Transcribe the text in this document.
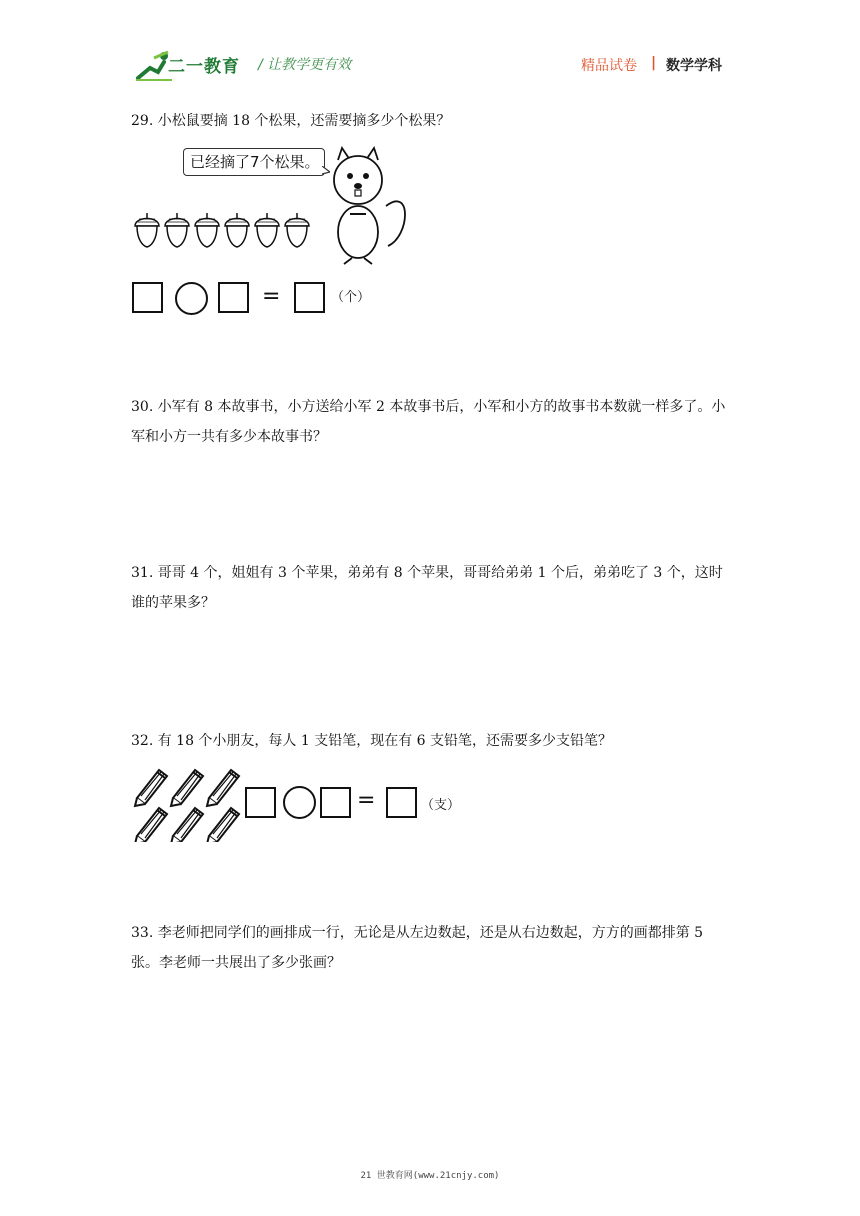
二一教育 / 让教学更有效	精品试卷 | 数学学科
29. 小松鼠要摘 18 个松果，还需要摘多少个松果？
已经摘了7个松果。
=	（个）
30. 小军有 8 本故事书，小方送给小军 2 本故事书后，小军和小方的故事书本数就一样多了。小军和小方一共有多少本故事书？
31. 哥哥 4 个，姐姐有 3 个苹果，弟弟有 8 个苹果，哥哥给弟弟 1 个后，弟弟吃了 3 个，这时谁的苹果多？
32. 有 18 个小朋友，每人 1 支铅笔，现在有 6 支铅笔，还需要多少支铅笔？
=	（支）
33. 李老师把同学们的画排成一行，无论是从左边数起，还是从右边数起，方方的画都排第 5 张。李老师一共展出了多少张画？
21 世教育网(www.21cnjy.com)
